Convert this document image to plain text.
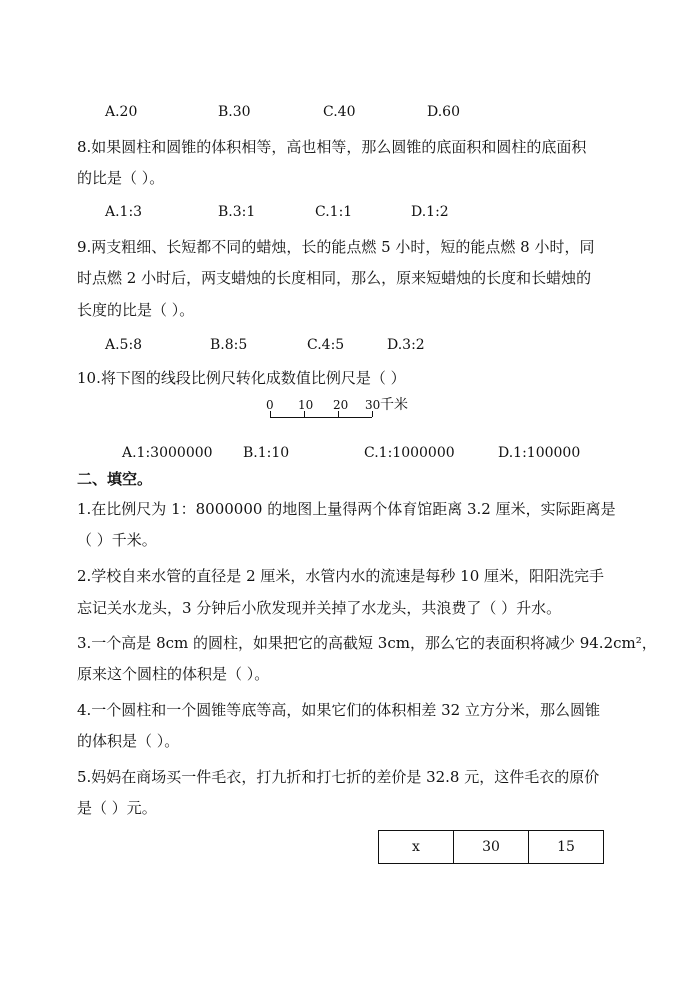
A.20	B.30	C.40	D.60
8.如果圆柱和圆锥的体积相等，高也相等，那么圆锥的底面积和圆柱的底面积
的比是（ ）。
A.1:3	B.3:1	C.1:1	D.1:2
9.两支粗细、长短都不同的蜡烛，长的能点燃 5 小时，短的能点燃 8 小时，同
时点燃 2 小时后，两支蜡烛的长度相同，那么，原来短蜡烛的长度和长蜡烛的
长度的比是（ ）。
A.5:8	B.8:5	C.4:5	D.3:2
10.将下图的线段比例尺转化成数值比例尺是（ ）
0 10 20 30 千米
A.1:3000000 B.1:10	C.1:1000000	D.1:100000
二、填空。
1.在比例尺为 1：8000000 的地图上量得两个体育馆距离 3.2 厘米，实际距离是
（ ）千米。
2.学校自来水管的直径是 2 厘米，水管内水的流速是每秒 10 厘米，阳阳洗完手
忘记关水龙头，3 分钟后小欣发现并关掉了水龙头，共浪费了（ ）升水。
3.一个高是 8cm 的圆柱，如果把它的高截短 3cm，那么它的表面积将减少 94.2cm²，
原来这个圆柱的体积是（ ）。
4.一个圆柱和一个圆锥等底等高，如果它们的体积相差 32 立方分米，那么圆锥
的体积是（ ）。
5.妈妈在商场买一件毛衣，打九折和打七折的差价是 32.8 元，这件毛衣的原价
是（ ）元。
x	30	15
